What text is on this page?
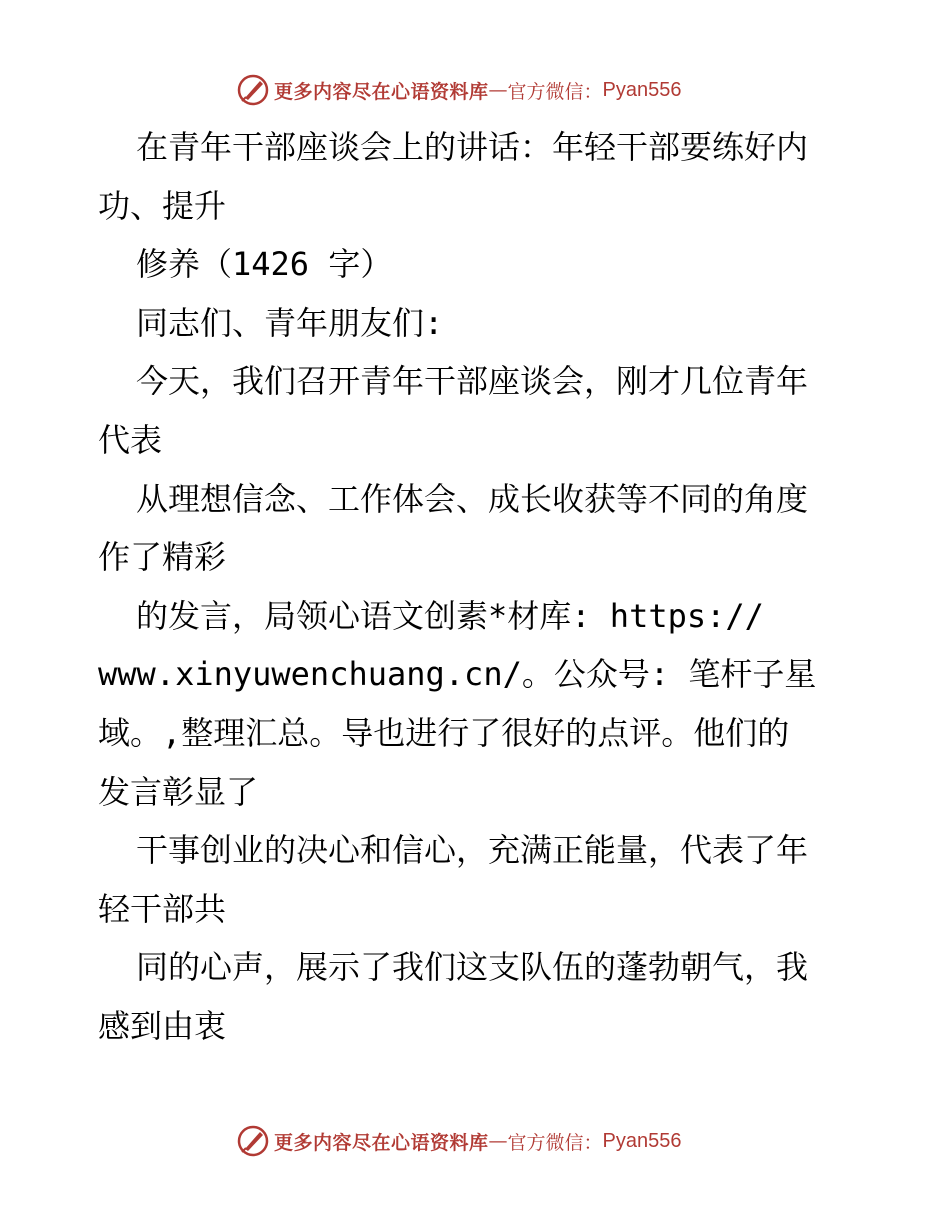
更多内容尽在心语资料库 — 官方微信： Pyan556
在青年干部座谈会上的讲话：年轻干部要练好内
功、提升
修养（1426 字）
同志们、青年朋友们:
今天，我们召开青年干部座谈会，刚才几位青年
代表
从理想信念、工作体会、成长收获等不同的角度
作了精彩
的发言，局领心语文创素*材库: https://
www.xinyuwenchuang.cn/。公众号: 笔杆子星
域。,整理汇总。导也进行了很好的点评。他们的
发言彰显了
干事创业的决心和信心，充满正能量，代表了年
轻干部共
同的心声，展示了我们这支队伍的蓬勃朝气，我
感到由衷
更多内容尽在心语资料库 — 官方微信： Pyan556
